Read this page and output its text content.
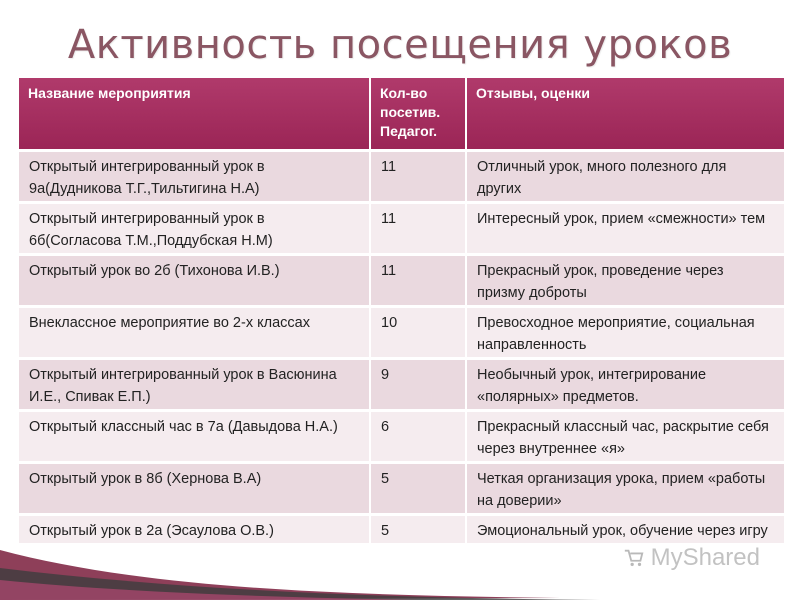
Активность посещения уроков
Название мероприятия	Кол-во посетив. Педагог.	Отзывы, оценки
Открытый интегрированный урок в 9а(Дудникова Т.Г.,Тильтигина Н.А)	11	Отличный урок, много полезного для других
Открытый интегрированный урок в 6б(Согласова Т.М.,Поддубская Н.М)	11	Интересный урок, прием «смежности» тем
Открытый урок во 2б (Тихонова И.В.)	11	Прекрасный урок, проведение через призму доброты
Внеклассное мероприятие во 2-х классах	10	Превосходное мероприятие, социальная направленность
Открытый интегрированный урок в Васюнина И.Е., Спивак Е.П.)	9	Необычный урок, интегрирование «полярных» предметов.
Открытый классный час в 7а (Давыдова Н.А.)	6	Прекрасный классный час, раскрытие себя через внутреннее «я»
Открытый урок в 8б (Хернова В.А)	5	Четкая организация урока, прием «работы на доверии»
Открытый урок в 2а (Эсаулова О.В.)	5	Эмоциональный урок, обучение через игру
MyShared
